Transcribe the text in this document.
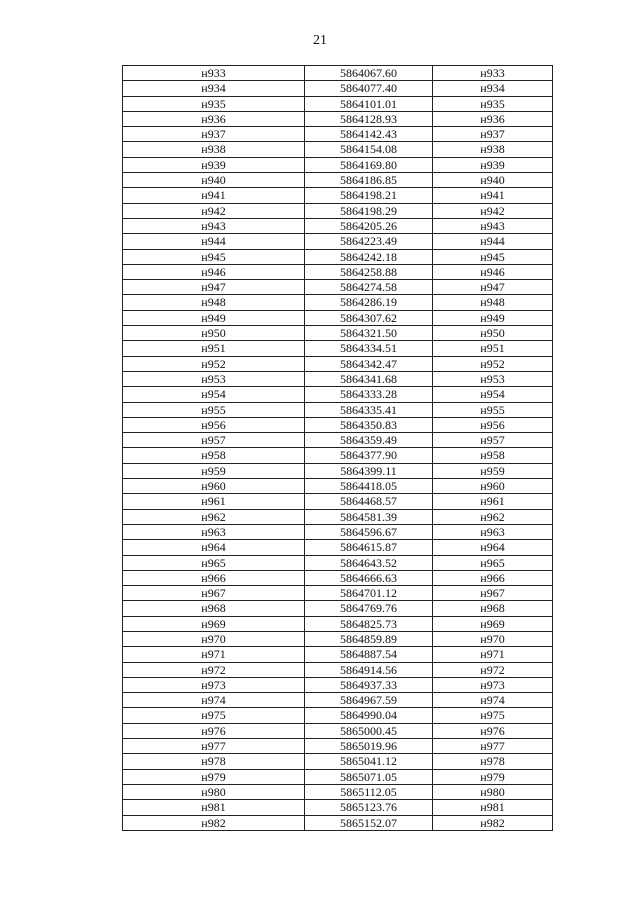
21
н933	5864067.60	н933
н934	5864077.40	н934
н935	5864101.01	н935
н936	5864128.93	н936
н937	5864142.43	н937
н938	5864154.08	н938
н939	5864169.80	н939
н940	5864186.85	н940
н941	5864198.21	н941
н942	5864198.29	н942
н943	5864205.26	н943
н944	5864223.49	н944
н945	5864242.18	н945
н946	5864258.88	н946
н947	5864274.58	н947
н948	5864286.19	н948
н949	5864307.62	н949
н950	5864321.50	н950
н951	5864334.51	н951
н952	5864342.47	н952
н953	5864341.68	н953
н954	5864333.28	н954
н955	5864335.41	н955
н956	5864350.83	н956
н957	5864359.49	н957
н958	5864377.90	н958
н959	5864399.11	н959
н960	5864418.05	н960
н961	5864468.57	н961
н962	5864581.39	н962
н963	5864596.67	н963
н964	5864615.87	н964
н965	5864643.52	н965
н966	5864666.63	н966
н967	5864701.12	н967
н968	5864769.76	н968
н969	5864825.73	н969
н970	5864859.89	н970
н971	5864887.54	н971
н972	5864914.56	н972
н973	5864937.33	н973
н974	5864967.59	н974
н975	5864990.04	н975
н976	5865000.45	н976
н977	5865019.96	н977
н978	5865041.12	н978
н979	5865071.05	н979
н980	5865112.05	н980
н981	5865123.76	н981
н982	5865152.07	н982
